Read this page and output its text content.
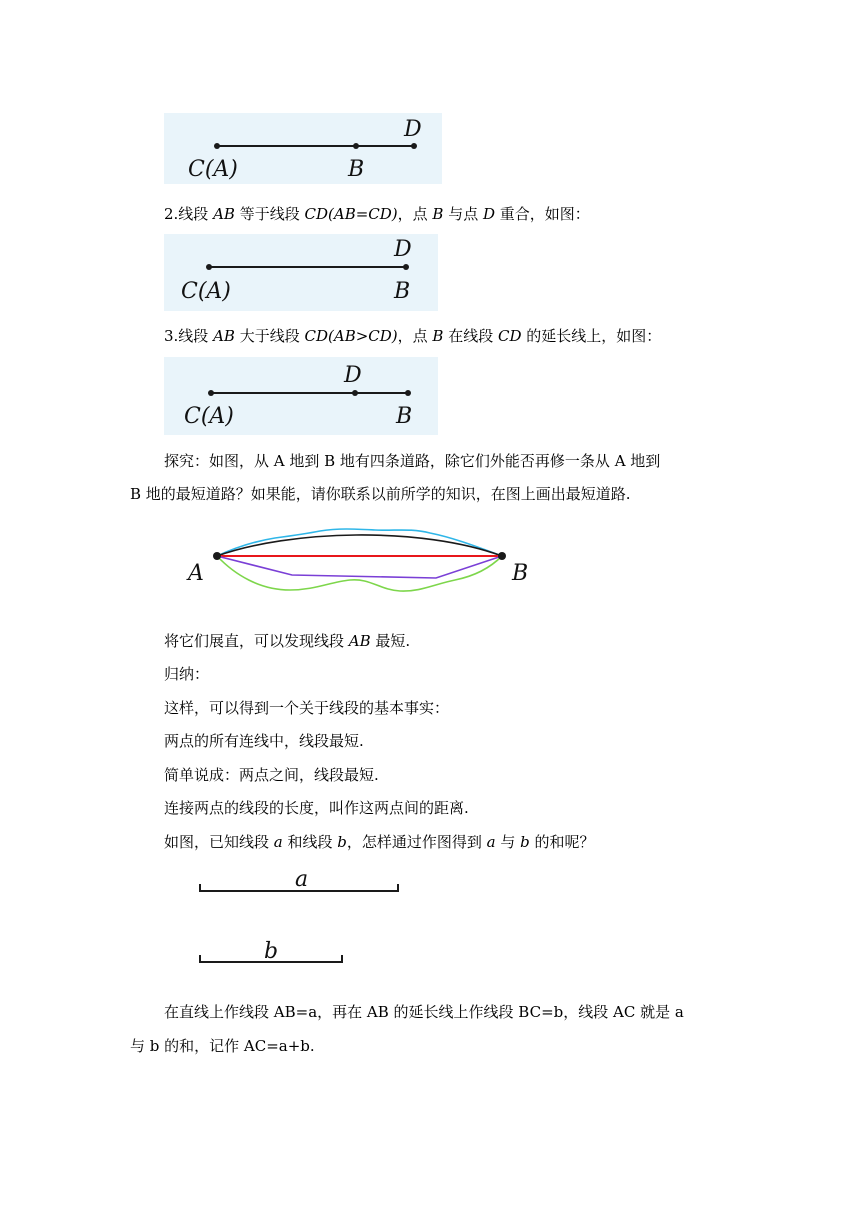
C(A)	B
D

2.线段 AB 等于线段 CD(AB=CD)，点 B 与点 D 重合，如图：

C(A)	B
D

3.线段 AB 大于线段 CD(AB>CD)，点 B 在线段 CD 的延长线上，如图：

C(A)
D
B

探究：如图，从 A 地到 B 地有四条道路，除它们外能否再修一条从 A 地到

B 地的最短道路？如果能，请你联系以前所学的知识，在图上画出最短道路.

A	B

将它们展直，可以发现线段 AB 最短.

归纳：

这样，可以得到一个关于线段的基本事实：

两点的所有连线中，线段最短.

简单说成：两点之间，线段最短.

连接两点的线段的长度，叫作这两点间的距离.

如图，已知线段 a 和线段 b，怎样通过作图得到 a 与 b 的和呢？

a
b

在直线上作线段 AB=a，再在 AB 的延长线上作线段 BC=b，线段 AC 就是 a

与 b 的和，记作 AC=a+b.
